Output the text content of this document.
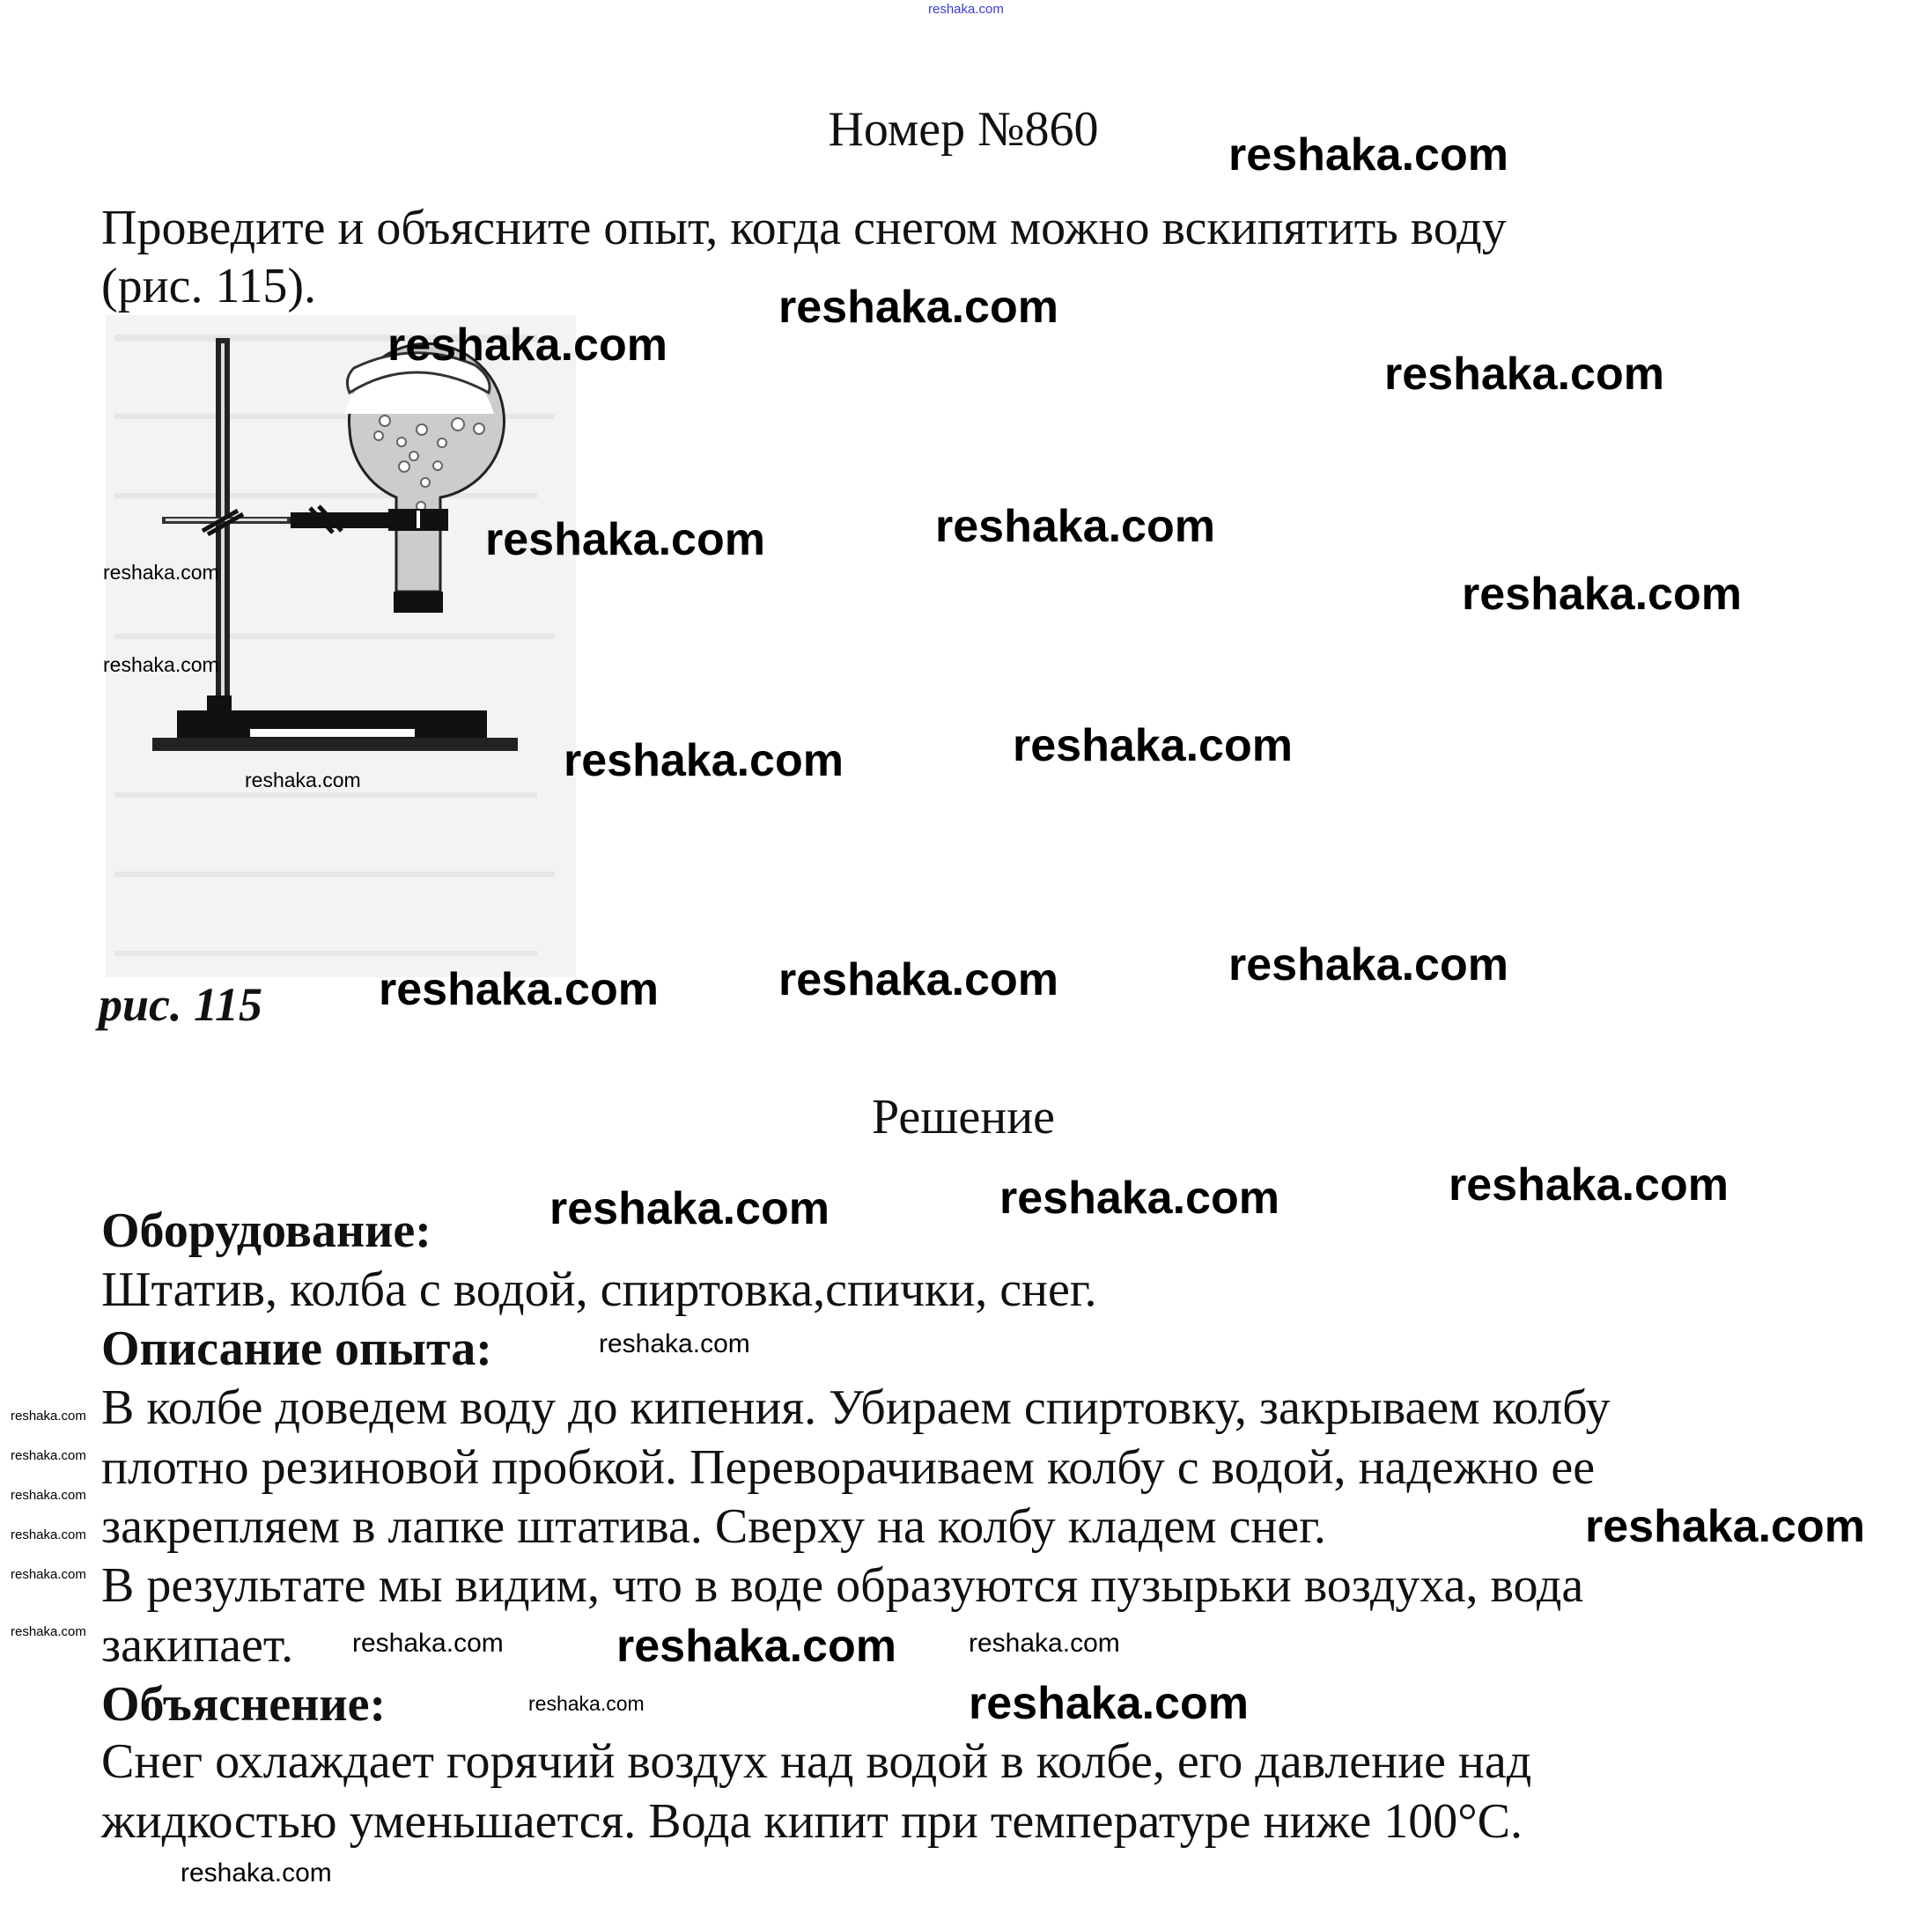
reshaka.com
Номер №860
Проведите и объясните опыт, когда снегом можно вскипятить воду
(рис. 115).
рис. 115
Решение
Оборудование:
Штатив, колба с водой, спиртовка,спички, снег.
Описание опыта:
В колбе доведем воду до кипения. Убираем спиртовку, закрываем колбу
плотно резиновой пробкой. Переворачиваем колбу с водой, надежно ее
закрепляем в лапке штатива. Сверху на колбу кладем снег.
В результате мы видим, что в воде образуются пузырьки воздуха, вода
закипает.
Объяснение:
Снег охлаждает горячий воздух над водой в колбе, его давление над
жидкостью уменьшается. Вода кипит при температуре ниже 100°C.
reshaka.com
reshaka.com
reshaka.com
reshaka.com
reshaka.com	reshaka.com
reshaka.com
reshaka.com	reshaka.com
reshaka.com	reshaka.com	reshaka.com
reshaka.com	reshaka.com	reshaka.com
reshaka.com
reshaka.com
reshaka.com
reshaka.com
reshaka.com
reshaka.com
reshaka.com
reshaka.com	reshaka.com
reshaka.com
reshaka.com
reshaka.com
reshaka.com
reshaka.com
reshaka.com
reshaka.com
reshaka.com
